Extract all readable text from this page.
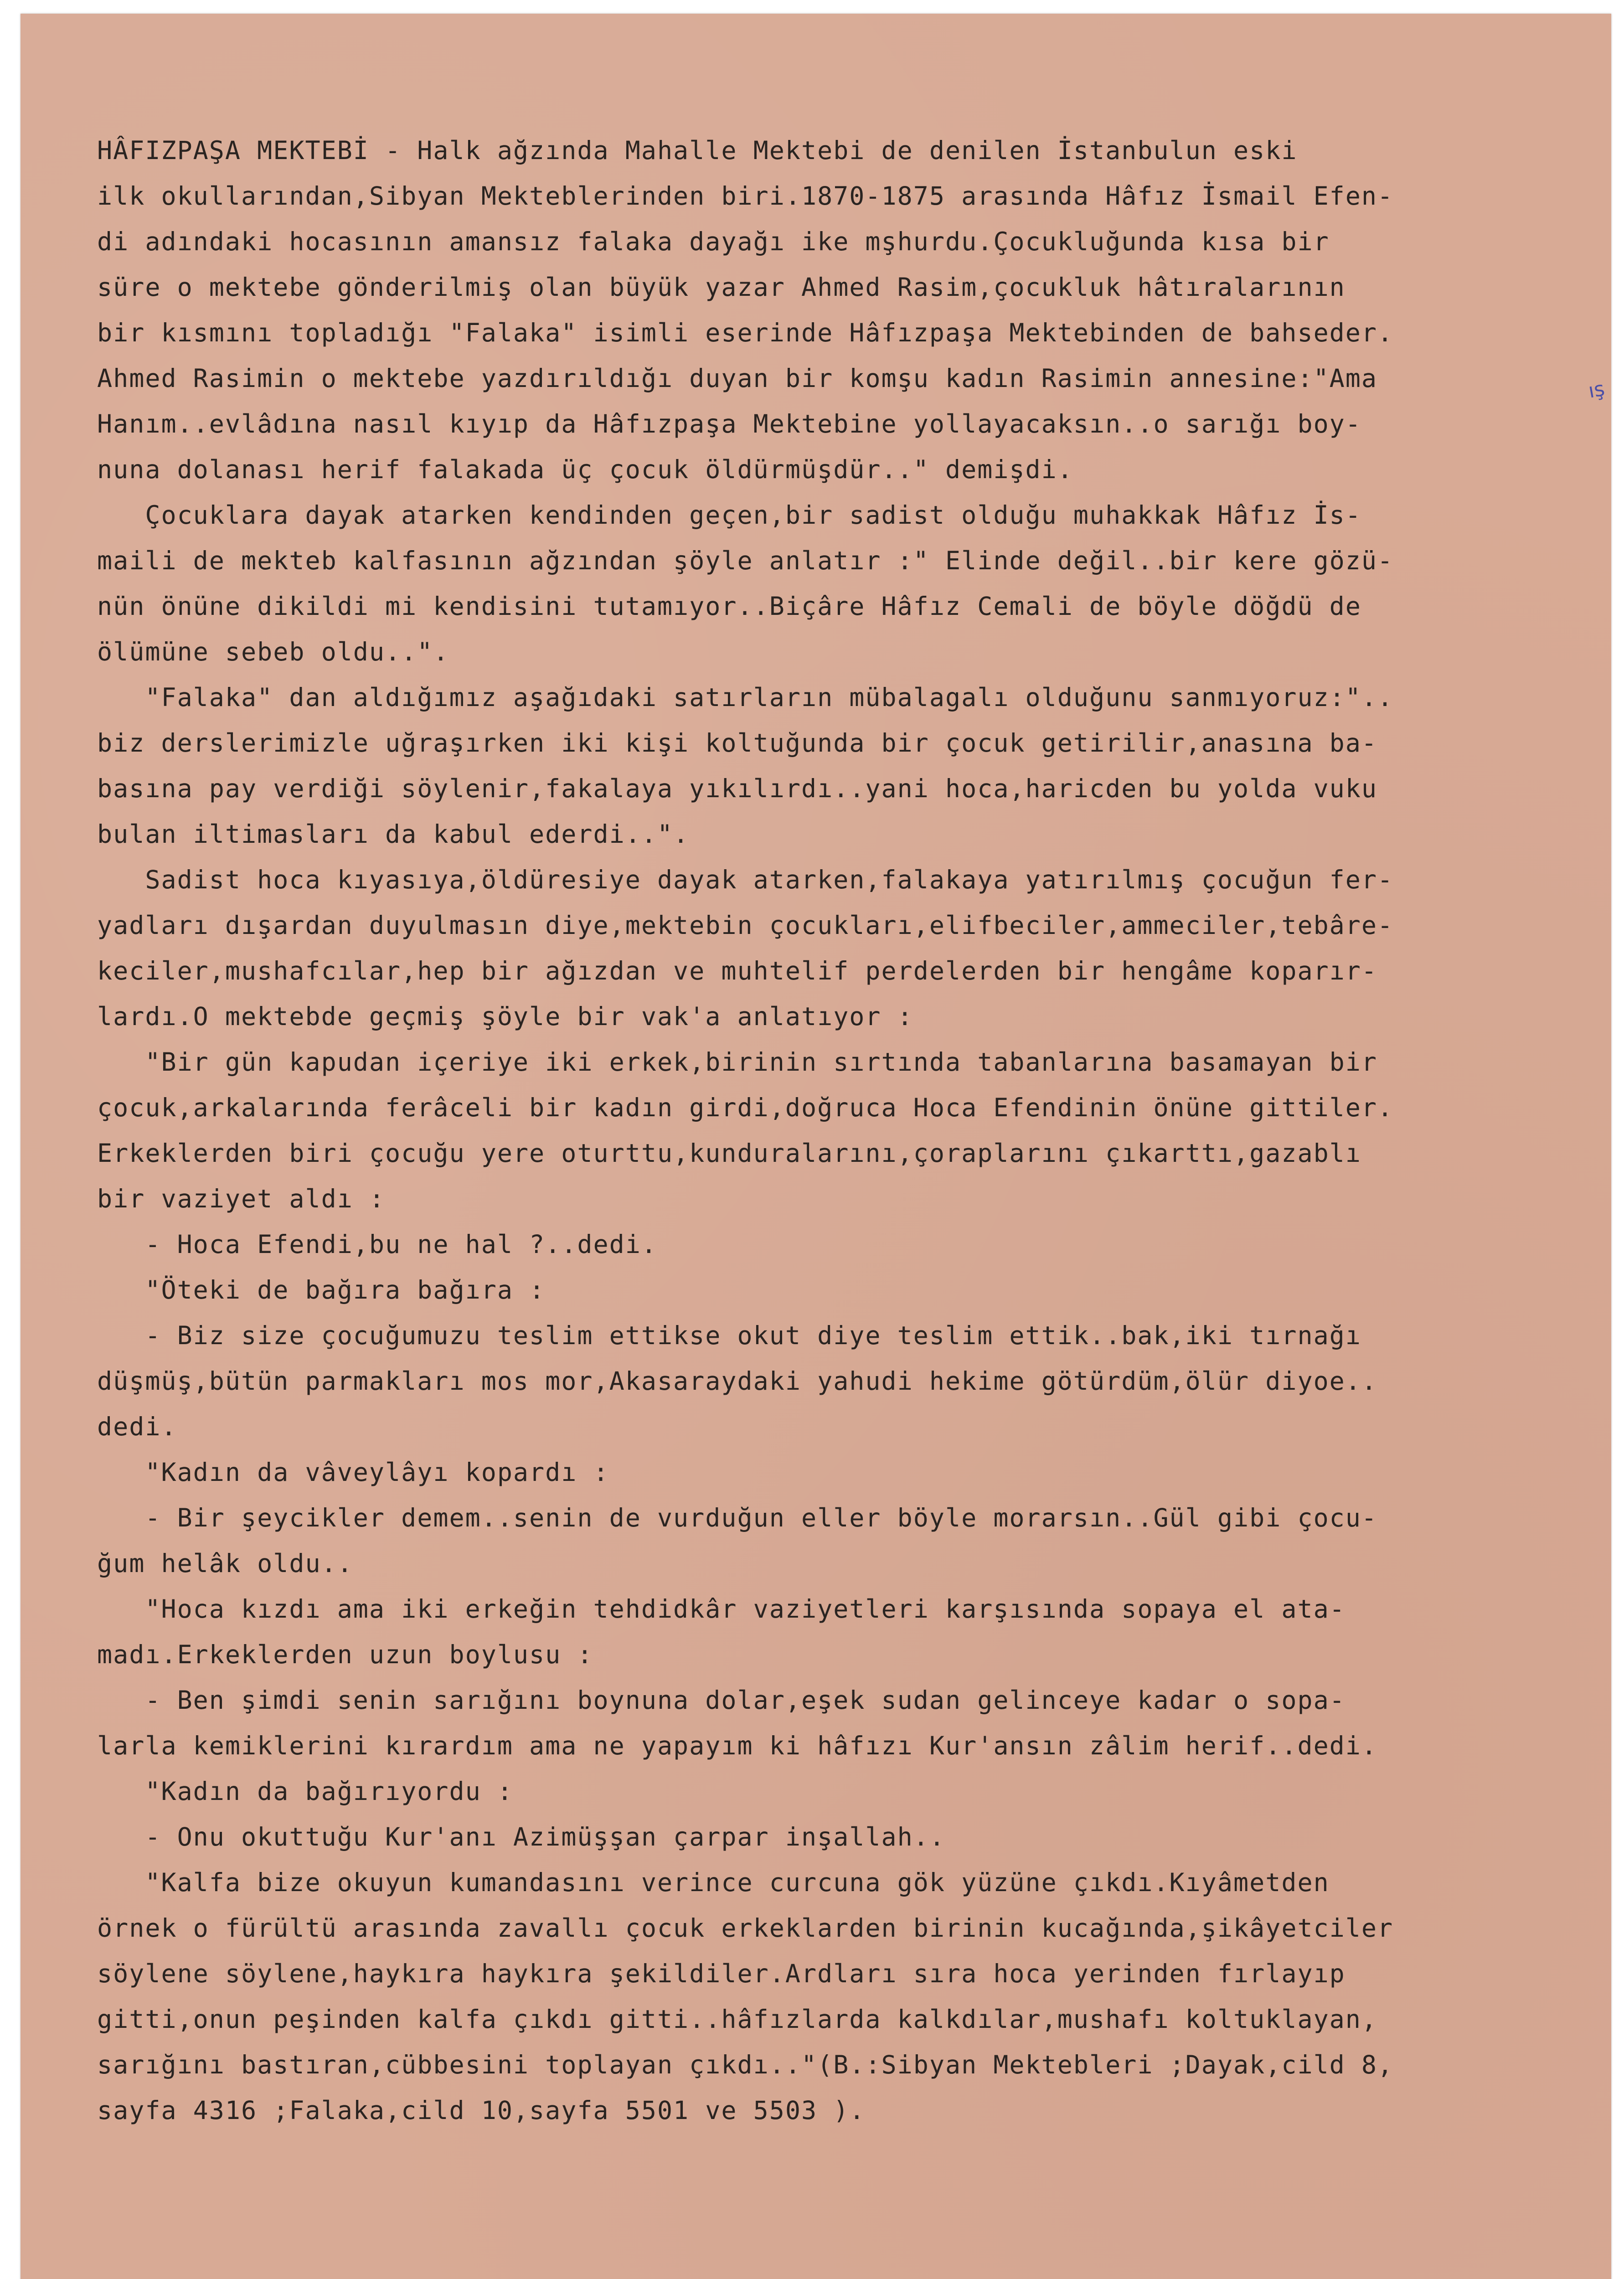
HÂFIZPAŞA MEKTEBİ - Halk ağzında Mahalle Mektebi de denilen İstanbulun eski
ilk okullarından,Sibyan Mekteblerinden biri.1870-1875 arasında Hâfız İsmail Efen-
di adındaki hocasının amansız falaka dayağı ike mşhurdu.Çocukluğunda kısa bir
süre o mektebe gönderilmiş olan büyük yazar Ahmed Rasim,çocukluk hâtıralarının
bir kısmını topladığı "Falaka" isimli eserinde Hâfızpaşa Mektebinden de bahseder.
Ahmed Rasimin o mektebe yazdırıldığı duyan bir komşu kadın Rasimin annesine:"Ama
Hanım..evlâdına nasıl kıyıp da Hâfızpaşa Mektebine yollayacaksın..o sarığı boy-
nuna dolanası herif falakada üç çocuk öldürmüşdür.." demişdi.
Çocuklara dayak atarken kendinden geçen,bir sadist olduğu muhakkak Hâfız İs-
maili de mekteb kalfasının ağzından şöyle anlatır :" Elinde değil..bir kere gözü-
nün önüne dikildi mi kendisini tutamıyor..Biçâre Hâfız Cemali de böyle döğdü de
ölümüne sebeb oldu..".
"Falaka" dan aldığımız aşağıdaki satırların mübalagalı olduğunu sanmıyoruz:"..
biz derslerimizle uğraşırken iki kişi koltuğunda bir çocuk getirilir,anasına ba-
basına pay verdiği söylenir,fakalaya yıkılırdı..yani hoca,haricden bu yolda vuku
bulan iltimasları da kabul ederdi..".
Sadist hoca kıyasıya,öldüresiye dayak atarken,falakaya yatırılmış çocuğun fer-
yadları dışardan duyulmasın diye,mektebin çocukları,elifbeciler,ammeciler,tebâre-
keciler,mushafcılar,hep bir ağızdan ve muhtelif perdelerden bir hengâme koparır-
lardı.O mektebde geçmiş şöyle bir vak'a anlatıyor :
"Bir gün kapudan içeriye iki erkek,birinin sırtında tabanlarına basamayan bir
çocuk,arkalarında ferâceli bir kadın girdi,doğruca Hoca Efendinin önüne gittiler.
Erkeklerden biri çocuğu yere oturttu,kunduralarını,çoraplarını çıkarttı,gazablı
bir vaziyet aldı :
- Hoca Efendi,bu ne hal ?..dedi.
"Öteki de bağıra bağıra :
- Biz size çocuğumuzu teslim ettikse okut diye teslim ettik..bak,iki tırnağı
düşmüş,bütün parmakları mos mor,Akasaraydaki yahudi hekime götürdüm,ölür diyoe..
dedi.
"Kadın da vâveylâyı kopardı :
- Bir şeycikler demem..senin de vurduğun eller böyle morarsın..Gül gibi çocu-
ğum helâk oldu..
"Hoca kızdı ama iki erkeğin tehdidkâr vaziyetleri karşısında sopaya el ata-
madı.Erkeklerden uzun boylusu :
- Ben şimdi senin sarığını boynuna dolar,eşek sudan gelinceye kadar o sopa-
larla kemiklerini kırardım ama ne yapayım ki hâfızı Kur'ansın zâlim herif..dedi.
"Kadın da bağırıyordu :
- Onu okuttuğu Kur'anı Azimüşşan çarpar inşallah..
"Kalfa bize okuyun kumandasını verince curcuna gök yüzüne çıkdı.Kıyâmetden
örnek o fürültü arasında zavallı çocuk erkeklarden birinin kucağında,şikâyetciler
söylene söylene,haykıra haykıra şekildiler.Ardları sıra hoca yerinden fırlayıp
gitti,onun peşinden kalfa çıkdı gitti..hâfızlarda kalkdılar,mushafı koltuklayan,
sarığını bastıran,cübbesini toplayan çıkdı.."(B.:Sibyan Mektebleri ;Dayak,cild 8,
sayfa 4316 ;Falaka,cild 10,sayfa 5501 ve 5503 ).
ış
